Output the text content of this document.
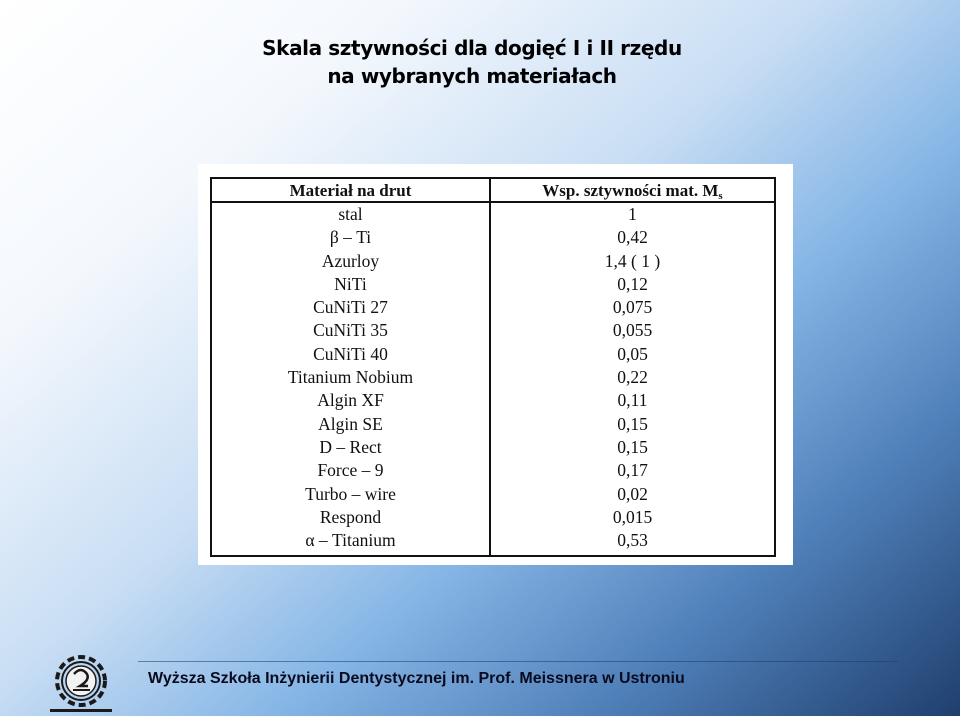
Skala sztywności dla dogięć I i II rzędu
na wybranych materiałach
Materiał na drut	Wsp. sztywności mat. $M_s$
stal	1
β – Ti	0,42
Azurloy	1,4 ( 1 )
NiTi	0,12
CuNiTi 27	0,075
CuNiTi 35	0,055
CuNiTi 40	0,05
Titanium Nobium	0,22
Algin XF	0,11
Algin SE	0,15
D – Rect	0,15
Force – 9	0,17
Turbo – wire	0,02
Respond	0,015
α – Titanium	0,53
Wyższa Szkoła Inżynierii Dentystycznej im. Prof. Meissnera w Ustroniu
